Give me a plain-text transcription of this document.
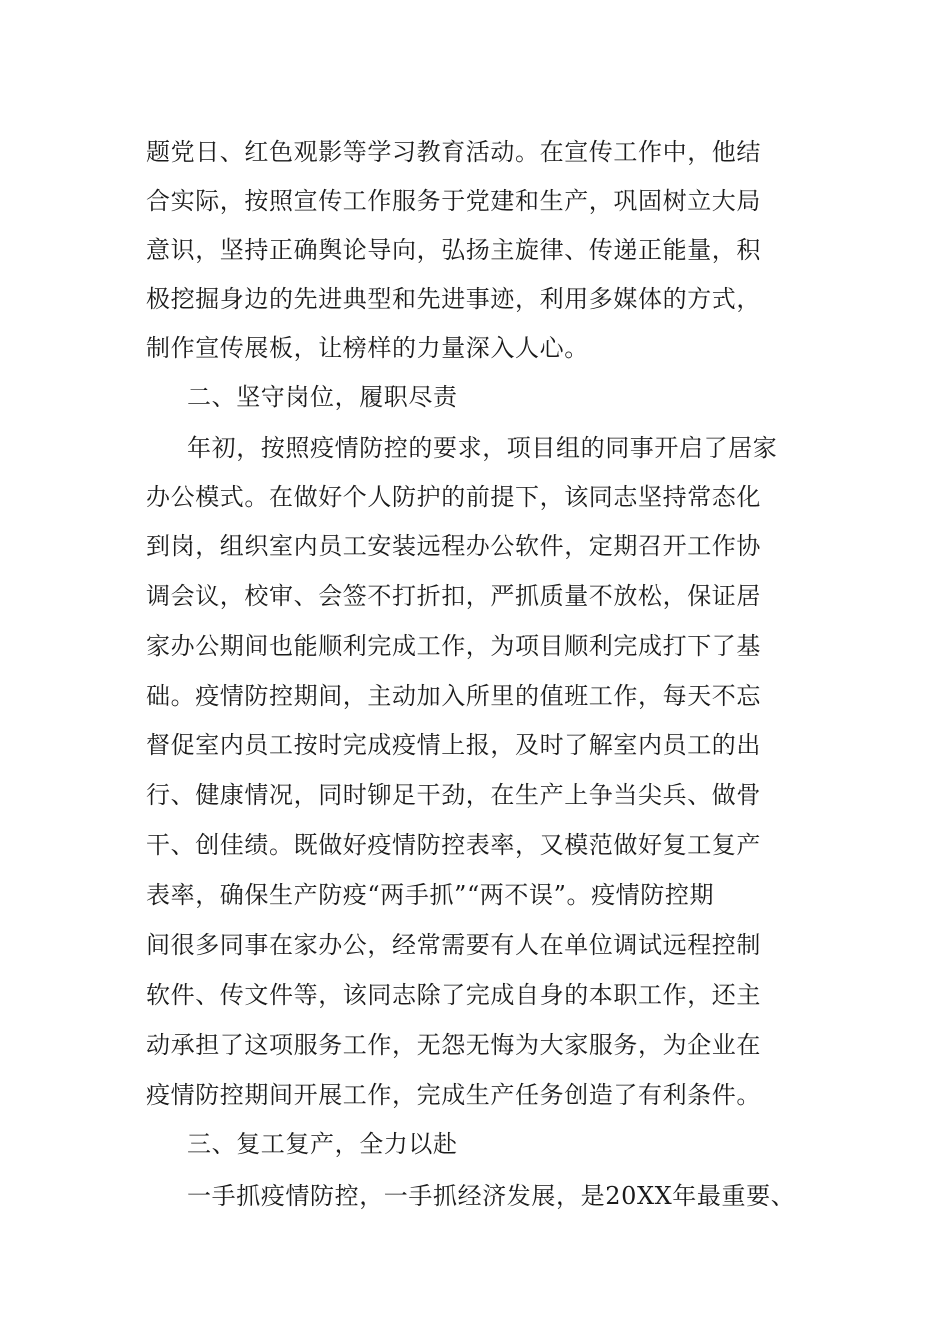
题党日、红色观影等学习教育活动。在宣传工作中，他结
合实际，按照宣传工作服务于党建和生产，巩固树立大局
意识，坚持正确舆论导向，弘扬主旋律、传递正能量，积
极挖掘身边的先进典型和先进事迹，利用多媒体的方式，
制作宣传展板，让榜样的力量深入人心。
二、坚守岗位，履职尽责
年初，按照疫情防控的要求，项目组的同事开启了居家
办公模式。在做好个人防护的前提下，该同志坚持常态化
到岗，组织室内员工安装远程办公软件，定期召开工作协
调会议，校审、会签不打折扣，严抓质量不放松，保证居
家办公期间也能顺利完成工作，为项目顺利完成打下了基
础。疫情防控期间，主动加入所里的值班工作，每天不忘
督促室内员工按时完成疫情上报，及时了解室内员工的出
行、健康情况，同时铆足干劲，在生产上争当尖兵、做骨
干、创佳绩。既做好疫情防控表率，又模范做好复工复产
表率，确保生产防疫“两手抓”“两不误”。疫情防控期
间很多同事在家办公，经常需要有人在单位调试远程控制
软件、传文件等，该同志除了完成自身的本职工作，还主
动承担了这项服务工作，无怨无悔为大家服务，为企业在
疫情防控期间开展工作，完成生产任务创造了有利条件。
三、复工复产，全力以赴
一手抓疫情防控，一手抓经济发展，是20XX年最重要、
